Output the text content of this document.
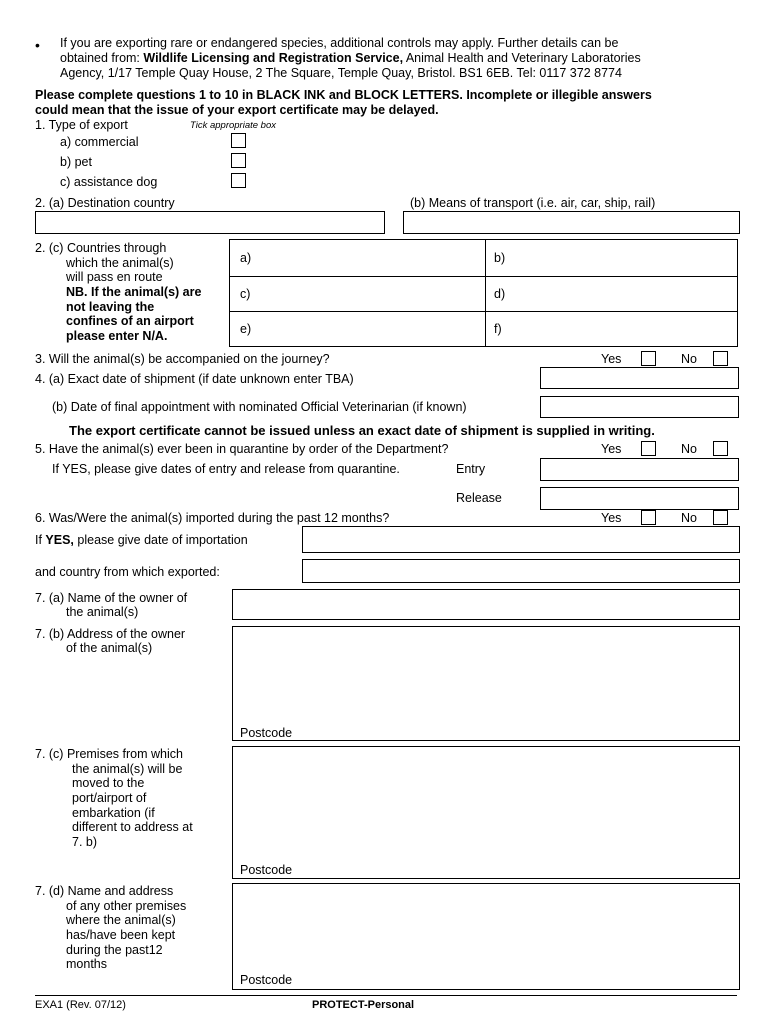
• If you are exporting rare or endangered species, additional controls may apply. Further details can be
obtained from: Wildlife Licensing and Registration Service, Animal Health and Veterinary Laboratories
Agency, 1/17 Temple Quay House, 2 The Square, Temple Quay, Bristol. BS1 6EB. Tel: 0117 372 8774
Please complete questions 1 to 10 in BLACK INK and BLOCK LETTERS. Incomplete or illegible answers
could mean that the issue of your export certificate may be delayed.
1. Type of export	Tick appropriate box
a) commercial
b) pet
c) assistance dog
2. (a) Destination country	(b) Means of transport (i.e. air, car, ship, rail)
2. (c) Countries through
which the animal(s)
will pass en route
NB. If the animal(s) are
not leaving the
confines of an airport
please enter N/A.
a)	b)
c)	d)
e)	f)
3. Will the animal(s) be accompanied on the journey?	Yes	No
4. (a) Exact date of shipment (if date unknown enter TBA)
(b) Date of final appointment with nominated Official Veterinarian (if known)
The export certificate cannot be issued unless an exact date of shipment is supplied in writing.
5. Have the animal(s) ever been in quarantine by order of the Department?	Yes	No
If YES, please give dates of entry and release from quarantine.	Entry
Release
6. Was/Were the animal(s) imported during the past 12 months?	Yes	No
If YES, please give date of importation
and country from which exported:
7. (a) Name of the owner of
the animal(s)
7. (b) Address of the owner
of the animal(s)
Postcode
7. (c) Premises from which
the animal(s) will be
moved to the
port/airport of
embarkation (if
different to address at
7. b)
Postcode
7. (d) Name and address
of any other premises
where the animal(s)
has/have been kept
during the past12
months
Postcode
EXA1 (Rev. 07/12)	PROTECT-Personal
